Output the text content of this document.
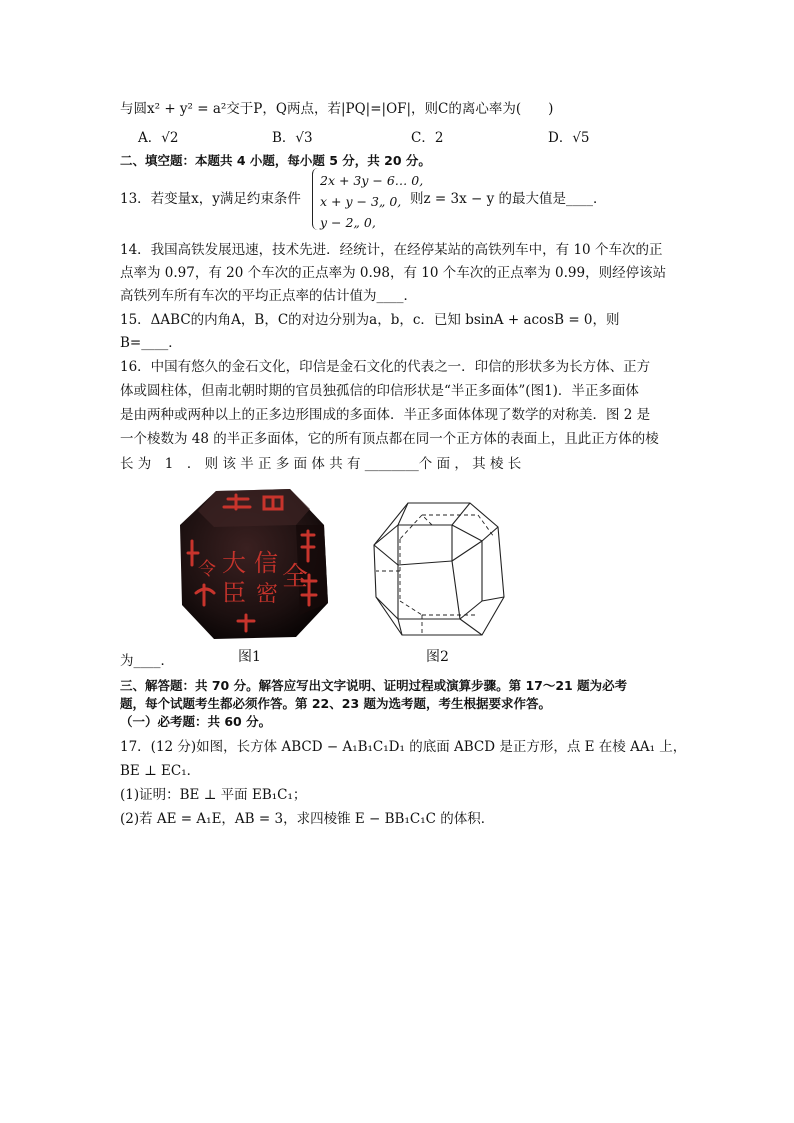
与圆x² + y² = a²交于P，Q两点，若|PQ|=|OF|，则C的离心率为(　　)
A．√2	B．√3	C．2	D．√5
二、填空题：本题共 4 小题，每小题 5 分，共 20 分。
13．若变量x，y满足约束条件
2x + 3y − 6… 0,
x + y − 3„ 0,
y − 2„ 0,
则z = 3x − y 的最大值是____．
14．我国高铁发展迅速，技术先进．经统计，在经停某站的高铁列车中，有 10 个车次的正
点率为 0.97，有 20 个车次的正点率为 0.98，有 10 个车次的正点率为 0.99，则经停该站
高铁列车所有车次的平均正点率的估计值为____．
15．ΔABC的内角A，B，C的对边分别为a，b，c．已知 bsinA + acosB = 0，则
B=____．
16．中国有悠久的金石文化，印信是金石文化的代表之一．印信的形状多为长方体、正方
体或圆柱体，但南北朝时期的官员独孤信的印信形状是“半正多面体”(图1)．半正多面体
是由两种或两种以上的正多边形围成的多面体．半正多面体体现了数学的对称美．图 2 是
一个棱数为 48 的半正多面体，它的所有顶点都在同一个正方体的表面上，且此正方体的棱
长 为　1　． 则 该 半 正 多 面 体 共 有 ________个 面 ， 其 棱 长
大 信
臣 密
全
令
图1	图2
为____．
三、解答题：共 70 分。解答应写出文字说明、证明过程或演算步骤。第 17～21 题为必考
题，每个试题考生都必须作答。第 22、23 题为选考题，考生根据要求作答。
（一）必考题：共 60 分。
17．(12 分)如图，长方体 ABCD − A₁B₁C₁D₁ 的底面 ABCD 是正方形，点 E 在棱 AA₁ 上，
BE ⊥ EC₁．
(1)证明：BE ⊥ 平面 EB₁C₁；
(2)若 AE = A₁E，AB = 3，求四棱锥 E − BB₁C₁C 的体积．
